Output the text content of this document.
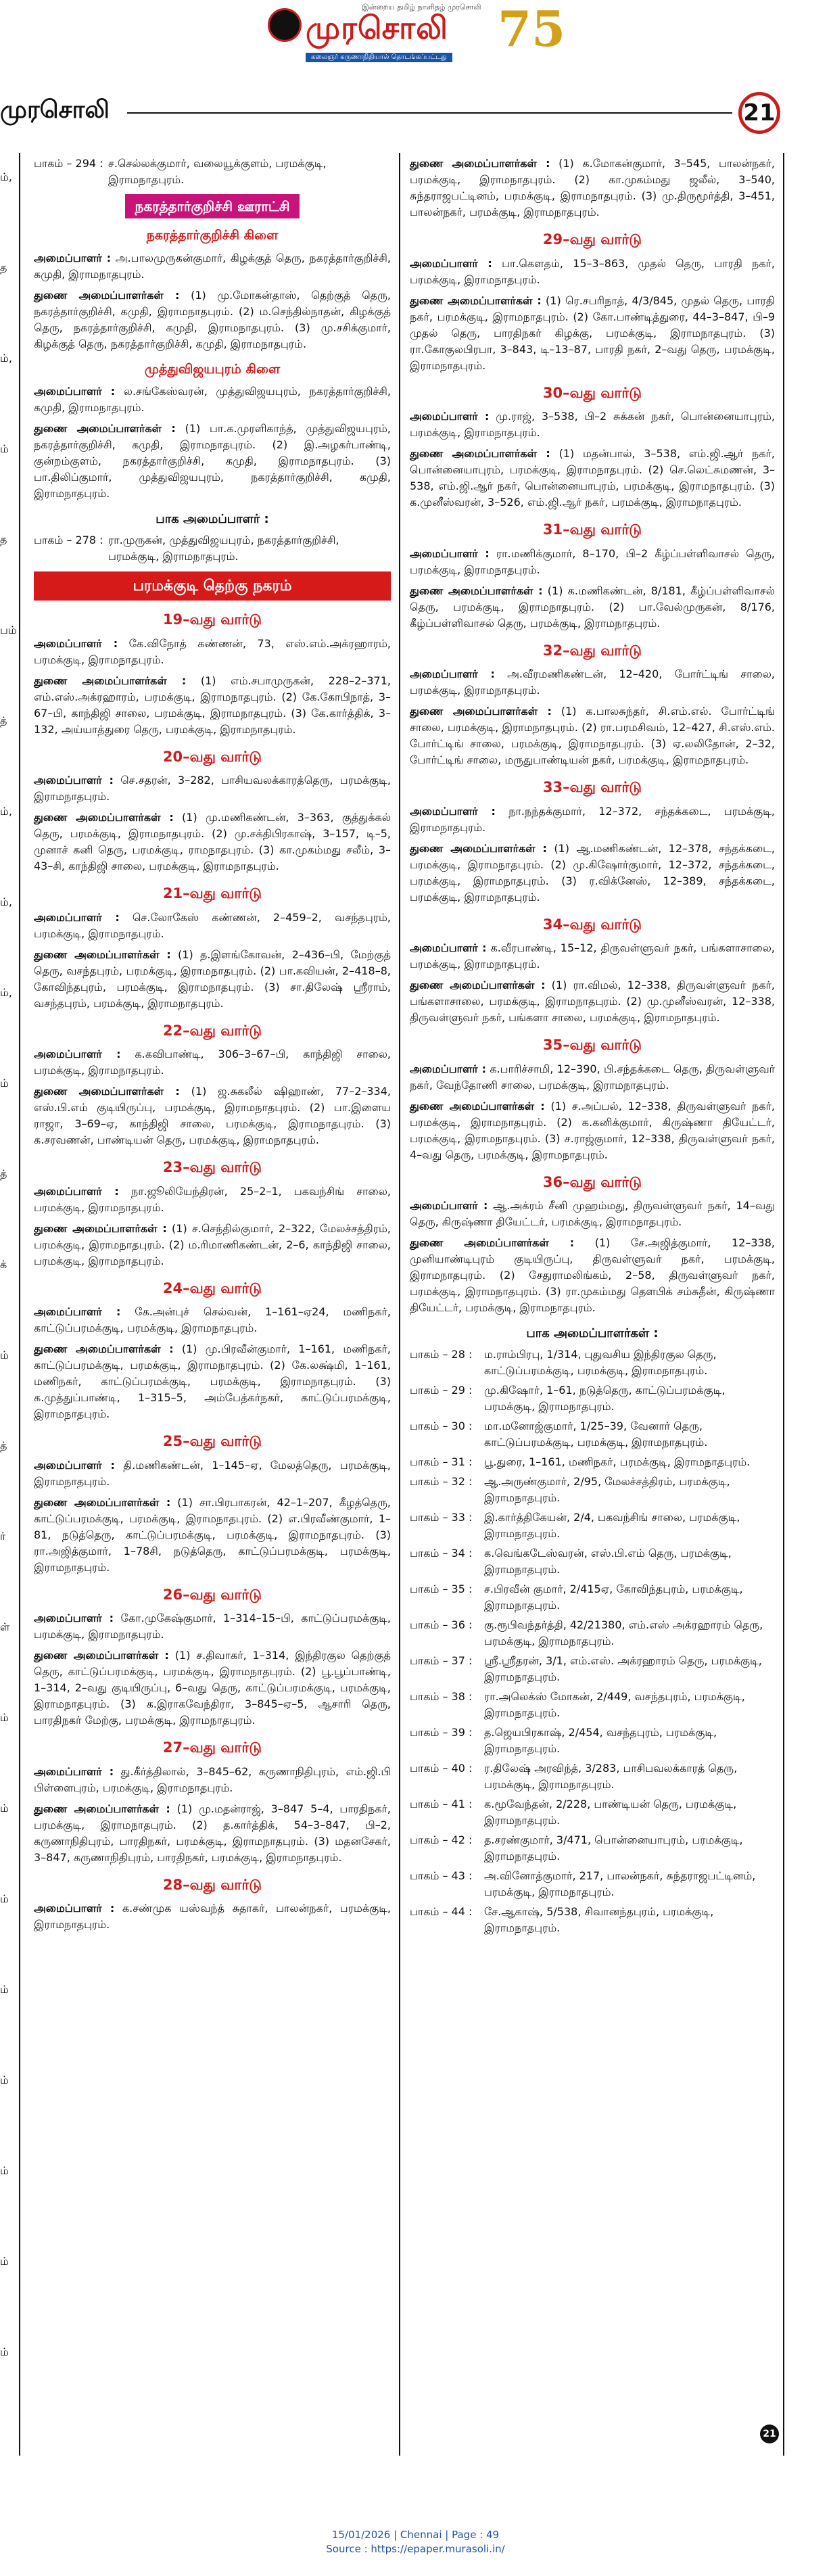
இன்றைய தமிழ் நாளிதழ் முரசொலி
முரசொலி
கலைஞர் கருணாநிதியால் தொடங்கப்பட்டது 75
முரசொலி	21
ம்,
த
ம்,
ம்
த
பம்
த்
ம்,
ம்,
ம்,
ம்
த்
க்
ம்
த்
ர்
ள்
ம்
ம்
ம்
ம்
ம்
ம்
ம்
ம்
பாகம் – 294 : ச.செல்லக்குமார், வலையூக்குளம், பரமக்குடி, இராமநாதபுரம்.
நகரத்தார்குறிச்சி ஊராட்சி
நகரத்தார்குறிச்சி கிளை

அமைப்பாளர் : அ.பாலமுருகன்குமார், கிழக்குத் தெரு, நகரத்தார்குறிச்சி, கமுதி, இராமநாதபுரம்.

துணை அமைப்பாளர்கள் : (1) மு.மோகன்தாஸ், தெற்குத் தெரு, நகரத்தார்குறிச்சி, கமுதி, இராமநாதபுரம். (2) ம.செந்தில்நாதன், கிழக்குத் தெரு, நகரத்தார்குறிச்சி, கமுதி, இராமநாதபுரம். (3) மு.சசிக்குமார், கிழக்குத் தெரு, நகரத்தார்குறிச்சி, கமுதி, இராமநாதபுரம்.

முத்துவிஜயபுரம் கிளை

அமைப்பாளர் : ல.சங்கேஸ்வரன், முத்துவிஜயபுரம், நகரத்தார்குறிச்சி, கமுதி, இராமநாதபுரம்.

துணை அமைப்பாளர்கள் : (1) பா.க.முரளிகாந்த், முத்துவிஜயபுரம், நகரத்தார்குறிச்சி, கமுதி, இராமநாதபுரம். (2) இ.அழகர்பாண்டி, குன்றம்குளம், நகரத்தார்குறிச்சி, கமுதி, இராமநாதபுரம். (3) பா.திலிப்குமார், முத்துவிஜயபுரம், நகரத்தார்குறிச்சி, கமுதி, இராமநாதபுரம்.

பாக அமைப்பாளர் :
பாகம் – 278 : ரா.முருகன், முத்துவிஜயபுரம், நகரத்தார்குறிச்சி, பரமக்குடி, இராமநாதபுரம்.
பரமக்குடி தெற்கு நகரம்
19–வது வார்டு

அமைப்பாளர் : கே.விநோத் கண்ணன், 73, எஸ்.எம்.அக்ரஹாரம், பரமக்குடி, இராமநாதபுரம்.

துணை அமைப்பாளர்கள் : (1) எம்.சபாமுருகன், 228–2–371, எம்.எஸ்.அக்ரஹாரம், பரமக்குடி, இராமநாதபுரம். (2) கே.கோபிநாத், 3–67–பி, காந்திஜி சாலை, பரமக்குடி, இராமநாதபுரம். (3) கே.கார்த்திக், 3–132, அய்யாத்துரை தெரு, பரமக்குடி, இராமநாதபுரம்.

20–வது வார்டு

அமைப்பாளர் : செ.சதரன், 3–282, பாசியவலக்காரத்தெரு, பரமக்குடி, இராமநாதபுரம்.

துணை அமைப்பாளர்கள் : (1) மு.மணிகண்டன், 3–363, குத்துக்கல் தெரு, பரமக்குடி, இராமநாதபுரம். (2) மு.சக்திபிரகாஷ், 3–157, டி–5, முனாச் கனி தெரு, பரமக்குடி, ராமநாதபுரம். (3) கா.முகம்மது சலீம், 3–43–சி, காந்திஜி சாலை, பரமக்குடி, இராமநாதபுரம்.

21–வது வார்டு

அமைப்பாளர் : செ.லோகேஸ் கண்ணன், 2–459–2, வசந்தபுரம், பரமக்குடி, இராமநாதபுரம்.

துணை அமைப்பாளர்கள் : (1) த.இளங்கோவன், 2–436–பி, மேற்குத் தெரு, வசந்தபுரம், பரமக்குடி, இராமநாதபுரம். (2) பா.கவியன், 2–418–8, கோவிந்தபுரம், பரமக்குடி, இராமநாதபுரம். (3) சா.திலேஷ் ஸ்ரீராம், வசந்தபுரம், பரமக்குடி, இராமநாதபுரம்.

22–வது வார்டு

அமைப்பாளர் : க.கவிபாண்டி, 306–3–67–பி, காந்திஜி சாலை, பரமக்குடி, இராமநாதபுரம்.

துணை அமைப்பாளர்கள் : (1) ஜ.சுகலீல் ஷிஹாண், 77–2–334, எஸ்.பி.எம் குடியிருப்பு, பரமக்குடி, இராமநாதபுரம். (2) பா.இளைய ராஜா, 3–69–ஏ, காந்திஜி சாலை, பரமக்குடி, இராமநாதபுரம். (3) க.சரவணன், பாண்டியன் தெரு, பரமக்குடி, இராமநாதபுரம்.

23–வது வார்டு

அமைப்பாளர் : நா.ஜூலியேந்திரன், 25–2–1, பகவந்சிங் சாலை, பரமக்குடி, இராமநாதபுரம்.

துணை அமைப்பாளர்கள் : (1) ச.செந்தில்குமார், 2–322, மேலச்சத்திரம், பரமக்குடி, இராமநாதபுரம். (2) ம.ரிமாணிகண்டன், 2–6, காந்திஜி சாலை, பரமக்குடி, இராமநாதபுரம்.

24–வது வார்டு

அமைப்பாளர் : கே.அன்புச் செல்வன், 1–161–ஏ24, மணிநகர், காட்டுப்பரமக்குடி, பரமக்குடி, இராமநாதபுரம்.

துணை அமைப்பாளர்கள் : (1) மு.பிரவீன்குமார், 1–161, மணிநகர், காட்டுப்பரமக்குடி, பரமக்குடி, இராமநாதபுரம். (2) கே.லக்ஷ்மி, 1–161, மணிநகர், காட்டுப்பரமக்குடி, பரமக்குடி, இராமநாதபுரம். (3) க.முத்துப்பாண்டி, 1–315–5, அம்பேத்கர்நகர், காட்டுப்பரமக்குடி, இராமநாதபுரம்.

25–வது வார்டு

அமைப்பாளர் : தி.மணிகண்டன், 1–145–ஏ, மேலத்தெரு, பரமக்குடி, இராமநாதபுரம்.

துணை அமைப்பாளர்கள் : (1) சா.பிரபாகரன், 42–1–207, கீழத்தெரு, காட்டுப்பரமக்குடி, பரமக்குடி, இராமநாதபுரம். (2) எ.பிரவீண்குமார், 1–81, நடுத்தெரு, காட்டுப்பரமக்குடி, பரமக்குடி, இராமநாதபுரம். (3) ரா.அஜித்குமார், 1–78சி, நடுத்தெரு, காட்டுப்பரமக்குடி, பரமக்குடி, இராமநாதபுரம்.

26–வது வார்டு

அமைப்பாளர் : கோ.முகேஷ்குமார், 1–314–15–பி, காட்டுப்பரமக்குடி, பரமக்குடி, இராமநாதபுரம்.

துணை அமைப்பாளர்கள் : (1) ச.திவாகர், 1–314, இந்திரகுல தெற்குத் தெரு, காட்டுப்பரமக்குடி, பரமக்குடி, இராமநாதபுரம். (2) பூ.பூப்பாண்டி, 1–314, 2–வது குடியிருப்பு, 6–வது தெரு, காட்டுப்பரமக்குடி, பரமக்குடி, இராமநாதபுரம். (3) க.இராகவேந்திரா, 3–845–ஏ–5, ஆசாரி தெரு, பாரதிநகர் மேற்கு, பரமக்குடி, இராமநாதபுரம்.

27–வது வார்டு

அமைப்பாளர் : து.கீர்த்திலால், 3–845–62, கருணாநிதிபுரம், எம்.ஜி.பி பிள்ளைபுரம், பரமக்குடி, இராமநாதபுரம்.

துணை அமைப்பாளர்கள் : (1) மு.மதன்ராஜ், 3–847 5–4, பாரதிநகர், பரமக்குடி, இராமநாதபுரம். (2) த.கார்த்திக், 54–3–847, பி–2, கருணாநிதிபுரம், பாரதிநகர், பரமக்குடி, இராமநாதபுரம். (3) மதனசேகர், 3–847, கருணாநிதிபுரம், பாரதிநகர், பரமக்குடி, இராமநாதபுரம்.

28–வது வார்டு

அமைப்பாளர் : க.சண்முக யஸ்வந்த் சுதாகர், பாலன்நகர், பரமக்குடி, இராமநாதபுரம்.

துணை அமைப்பாளர்கள் : (1) க.மோகன்குமார், 3–545, பாலன்நகர், பரமக்குடி, இராமநாதபுரம். (2) கா.முகம்மது ஜலீல், 3–540, சுந்தராஜபட்டினம், பரமக்குடி, இராமநாதபுரம். (3) மு.திருமூர்த்தி, 3–451, பாலன்நகர், பரமக்குடி, இராமநாதபுரம்.

29–வது வார்டு

அமைப்பாளர் : பா.கௌதம், 15–3–863, முதல் தெரு, பாரதி நகர், பரமக்குடி, இராமநாதபுரம்.

துணை அமைப்பாளர்கள் : (1) ரெ.சபரிநாத், 4/3/845, முதல் தெரு, பாரதி நகர், பரமக்குடி, இராமநாதபுரம். (2) கோ.பாண்டித்துரை, 44–3–847, பி–9 முதல் தெரு, பாரதிநகர் கிழக்கு, பரமக்குடி, இராமநாதபுரம். (3) ரா.கோகுலபிரபா, 3–843, டி–13–87, பாரதி நகர், 2–வது தெரு, பரமக்குடி, இராமநாதபுரம்.

30–வது வார்டு

அமைப்பாளர் : மு.ராஜ், 3–538, பி–2 சுக்கன் நகர், பொன்னையாபுரம், பரமக்குடி, இராமநாதபுரம்.

துணை அமைப்பாளர்கள் : (1) மதன்பால், 3–538, எம்.ஜி.ஆர் நகர், பொன்னையாபுரம், பரமக்குடி, இராமநாதபுரம். (2) செ.லெட்சுமணன், 3–538, எம்.ஜி.ஆர் நகர், பொன்னையாபுரம், பரமக்குடி, இராமநாதபுரம். (3) க.முனீஸ்வரன், 3–526, எம்.ஜி.ஆர் நகர், பரமக்குடி, இராமநாதபுரம்.

31–வது வார்டு

அமைப்பாளர் : ரா.மணிக்குமார், 8–170, பி–2 கீழ்ப்பள்ளிவாசல் தெரு, பரமக்குடி, இராமநாதபுரம்.

துணை அமைப்பாளர்கள் : (1) க.மணிகண்டன், 8/181, கீழ்ப்பள்ளிவாசல் தெரு, பரமக்குடி, இராமநாதபுரம். (2) பா.வேல்முருகன், 8/176, கீழ்ப்பள்ளிவாசல் தெரு, பரமக்குடி, இராமநாதபுரம்.

32–வது வார்டு

அமைப்பாளர் : அ.வீரமணிகண்டன், 12–420, போர்ட்டிங் சாலை, பரமக்குடி, இராமநாதபுரம்.

துணை அமைப்பாளர்கள் : (1) க.பாலசுந்தர், சி.எம்.எல். போர்ட்டிங் சாலை, பரமக்குடி, இராமநாதபுரம். (2) ரா.பரமசிவம், 12–427, சி.எஸ்.எம். போர்ட்டிங் சாலை, பரமக்குடி, இராமநாதபுரம். (3) ஏ.லலிதோன், 2–32, போர்ட்டிங் சாலை, மருதுபாண்டியன் நகர், பரமக்குடி, இராமநாதபுரம்.

33–வது வார்டு

அமைப்பாளர் : நா.நந்தக்குமார், 12–372, சந்தக்கடை, பரமக்குடி, இராமநாதபுரம்.

துணை அமைப்பாளர்கள் : (1) ஆ.மணிகண்டன், 12–378, சந்தக்கடை, பரமக்குடி, இராமநாதபுரம். (2) மு.கிஷோர்குமார், 12–372, சந்தக்கடை, பரமக்குடி, இராமநாதபுரம். (3) ர.விக்னேஸ், 12–389, சந்தக்கடை, பரமக்குடி, இராமநாதபுரம்.

34–வது வார்டு

அமைப்பாளர் : க.வீரபாண்டி, 15–12, திருவள்ளுவர் நகர், பங்களாசாலை, பரமக்குடி, இராமநாதபுரம்.

துணை அமைப்பாளர்கள் : (1) ரா.விமல், 12–338, திருவள்ளுவர் நகர், பங்களாசாலை, பரமக்குடி, இராமநாதபுரம். (2) மு.முனீஸ்வரன், 12–338, திருவள்ளுவர் நகர், பங்களா சாலை, பரமக்குடி, இராமநாதபுரம்.

35–வது வார்டு

அமைப்பாளர் : க.பாரிச்சாமி, 12–390, பி.சந்தக்கடை தெரு, திருவள்ளுவர் நகர், வேந்தோணி சாலை, பரமக்குடி, இராமநாதபுரம்.

துணை அமைப்பாளர்கள் : (1) ச.அப்பல், 12–338, திருவள்ளுவர் நகர், பரமக்குடி, இராமநாதபுரம். (2) க.கனிக்குமார், கிருஷ்ணா தியேட்டர், பரமக்குடி, இராமநாதபுரம். (3) ச.ராஜ்குமார், 12–338, திருவள்ளுவர் நகர், 4–வது தெரு, பரமக்குடி, இராமநாதபுரம்.

36–வது வார்டு

அமைப்பாளர் : ஆ.அக்ரம் சீனி முஹம்மது, திருவள்ளுவர் நகர், 14–வது தெரு, கிருஷ்ணா தியேட்டர், பரமக்குடி, இராமநாதபுரம்.

துணை அமைப்பாளர்கள் : (1) சே.அஜித்குமார், 12–338, முனியாண்டிபுரம் குடியிருப்பு, திருவள்ளுவர் நகர், பரமக்குடி, இராமநாதபுரம். (2) சேதுராமலிங்கம், 2–58, திருவள்ளுவர் நகர், பரமக்குடி, இராமநாதபுரம். (3) ரா.முகம்மது தௌபிக் சம்சுதீன், கிருஷ்ணா தியேட்டர், பரமக்குடி, இராமநாதபுரம்.

பாக அமைப்பாளர்கள் :
பாகம் – 28 :	ம.ராம்பிரபு, 1/314, புதுவசிய இந்திரகுல தெரு, காட்டுப்பரமக்குடி, பரமக்குடி, இராமநாதபுரம்.
பாகம் – 29 :	மு.கிஷோர், 1–61, நடுத்தெரு, காட்டுப்பரமக்குடி, பரமக்குடி, இராமநாதபுரம்.
பாகம் – 30 :	மா.மனோஜ்குமார், 1/25–39, வேனார் தெரு, காட்டுப்பரமக்குடி, பரமக்குடி, இராமநாதபுரம்.
பாகம் – 31 :	பூ.துரை, 1–161, மணிநகர், பரமக்குடி, இராமநாதபுரம்.
பாகம் – 32 :	ஆ.அருண்குமார், 2/95, மேலச்சத்திரம், பரமக்குடி, இராமநாதபுரம்.
பாகம் – 33 :	இ.கார்த்திகேயன், 2/4, பகவந்சிங் சாலை, பரமக்குடி, இராமநாதபுரம்.
பாகம் – 34 :	க.வெங்கடேஸ்வரன், எஸ்.பி.எம் தெரு, பரமக்குடி, இராமநாதபுரம்.
பாகம் – 35 :	ச.பிரவீன் குமார், 2/415ஏ, கோவிந்தபுரம், பரமக்குடி, இராமநாதபுரம்.
பாகம் – 36 :	கு.ரூபிவந்தர்த்தி, 42/21380, எம்.எஸ் அக்ரஹாரம் தெரு, பரமக்குடி, இராமநாதபுரம்.
பாகம் – 37 :	ஸ்ரீ.ஸ்ரீதரன், 3/1, எம்.எஸ். அக்ரஹாரம் தெரு, பரமக்குடி, இராமநாதபுரம்.
பாகம் – 38 :	ரா.அலெக்ஸ் மோகன், 2/449, வசந்தபுரம், பரமக்குடி, இராமநாதபுரம்.
பாகம் – 39 :	த.ஜெயபிரகாஷ், 2/454, வசந்தபுரம், பரமக்குடி, இராமநாதபுரம்.
பாகம் – 40 :	ர.திலேஷ் அரவிந்த், 3/283, பாசிபவலக்காரத் தெரு, பரமக்குடி, இராமநாதபுரம்.
பாகம் – 41 :	க.மூவேந்தன், 2/228, பாண்டியன் தெரு, பரமக்குடி, இராமநாதபுரம்.
பாகம் – 42 :	த.சரண்குமார், 3/471, பொன்னையாபுரம், பரமக்குடி, இராமநாதபுரம்.
பாகம் – 43 :	அ.வினோத்குமார், 217, பாலன்நகர், சுந்தராஜபட்டினம், பரமக்குடி, இராமநாதபுரம்.
பாகம் – 44 :	சே.ஆகாஷ், 5/538, சிவானந்தபுரம், பரமக்குடி, இராமநாதபுரம்.
21
15/01/2026 | Chennai | Page : 49
Source : https://epaper.murasoli.in/
